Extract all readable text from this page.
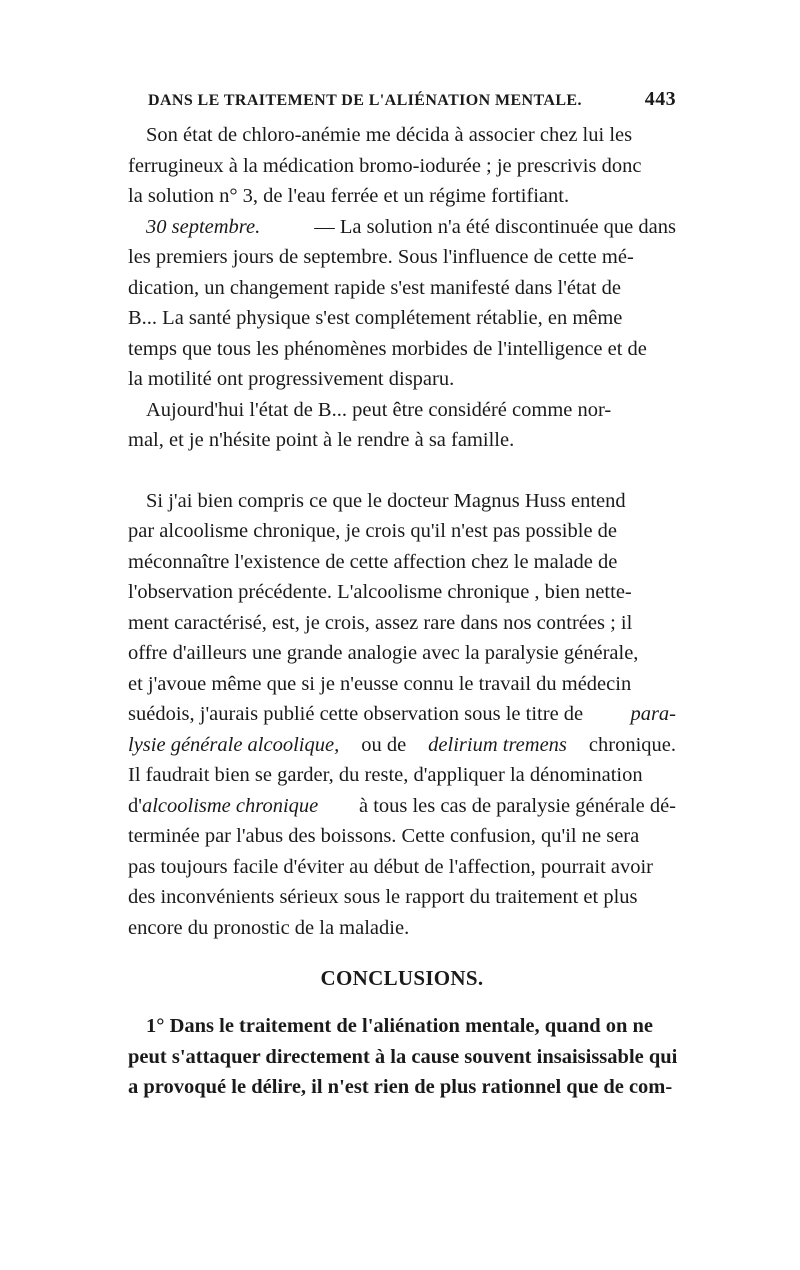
DANS LE TRAITEMENT DE L'ALIÉNATION MENTALE.	443
Son état de chloro-anémie me décida à associer chez lui les
ferrugineux à la médication bromo-iodurée ; je prescrivis donc
la solution n° 3, de l'eau ferrée et un régime fortifiant.
30 septembre.	— La solution n'a été discontinuée que dans
les premiers jours de septembre. Sous l'influence de cette mé-
dication, un changement rapide s'est manifesté dans l'état de
B... La santé physique s'est complétement rétablie, en même
temps que tous les phénomènes morbides de l'intelligence et de
la motilité ont progressivement disparu.
Aujourd'hui l'état de B... peut être considéré comme nor-
mal, et je n'hésite point à le rendre à sa famille.
Si j'ai bien compris ce que le docteur Magnus Huss entend
par alcoolisme chronique, je crois qu'il n'est pas possible de
méconnaître l'existence de cette affection chez le malade de
l'observation précédente. L'alcoolisme chronique , bien nette-
ment caractérisé, est, je crois, assez rare dans nos contrées ; il
offre d'ailleurs une grande analogie avec la paralysie générale,
et j'avoue même que si je n'eusse connu le travail du médecin
suédois, j'aurais publié cette observation sous le titre de para-
lysie générale alcoolique, ou de delirium tremens chronique.
Il faudrait bien se garder, du reste, d'appliquer la dénomination
d'alcoolisme chronique à tous les cas de paralysie générale dé-
terminée par l'abus des boissons. Cette confusion, qu'il ne sera
pas toujours facile d'éviter au début de l'affection, pourrait avoir
des inconvénients sérieux sous le rapport du traitement et plus
encore du pronostic de la maladie.
CONCLUSIONS.
1° Dans le traitement de l'aliénation mentale, quand on ne
peut s'attaquer directement à la cause souvent insaisissable qui
a provoqué le délire, il n'est rien de plus rationnel que de com-
